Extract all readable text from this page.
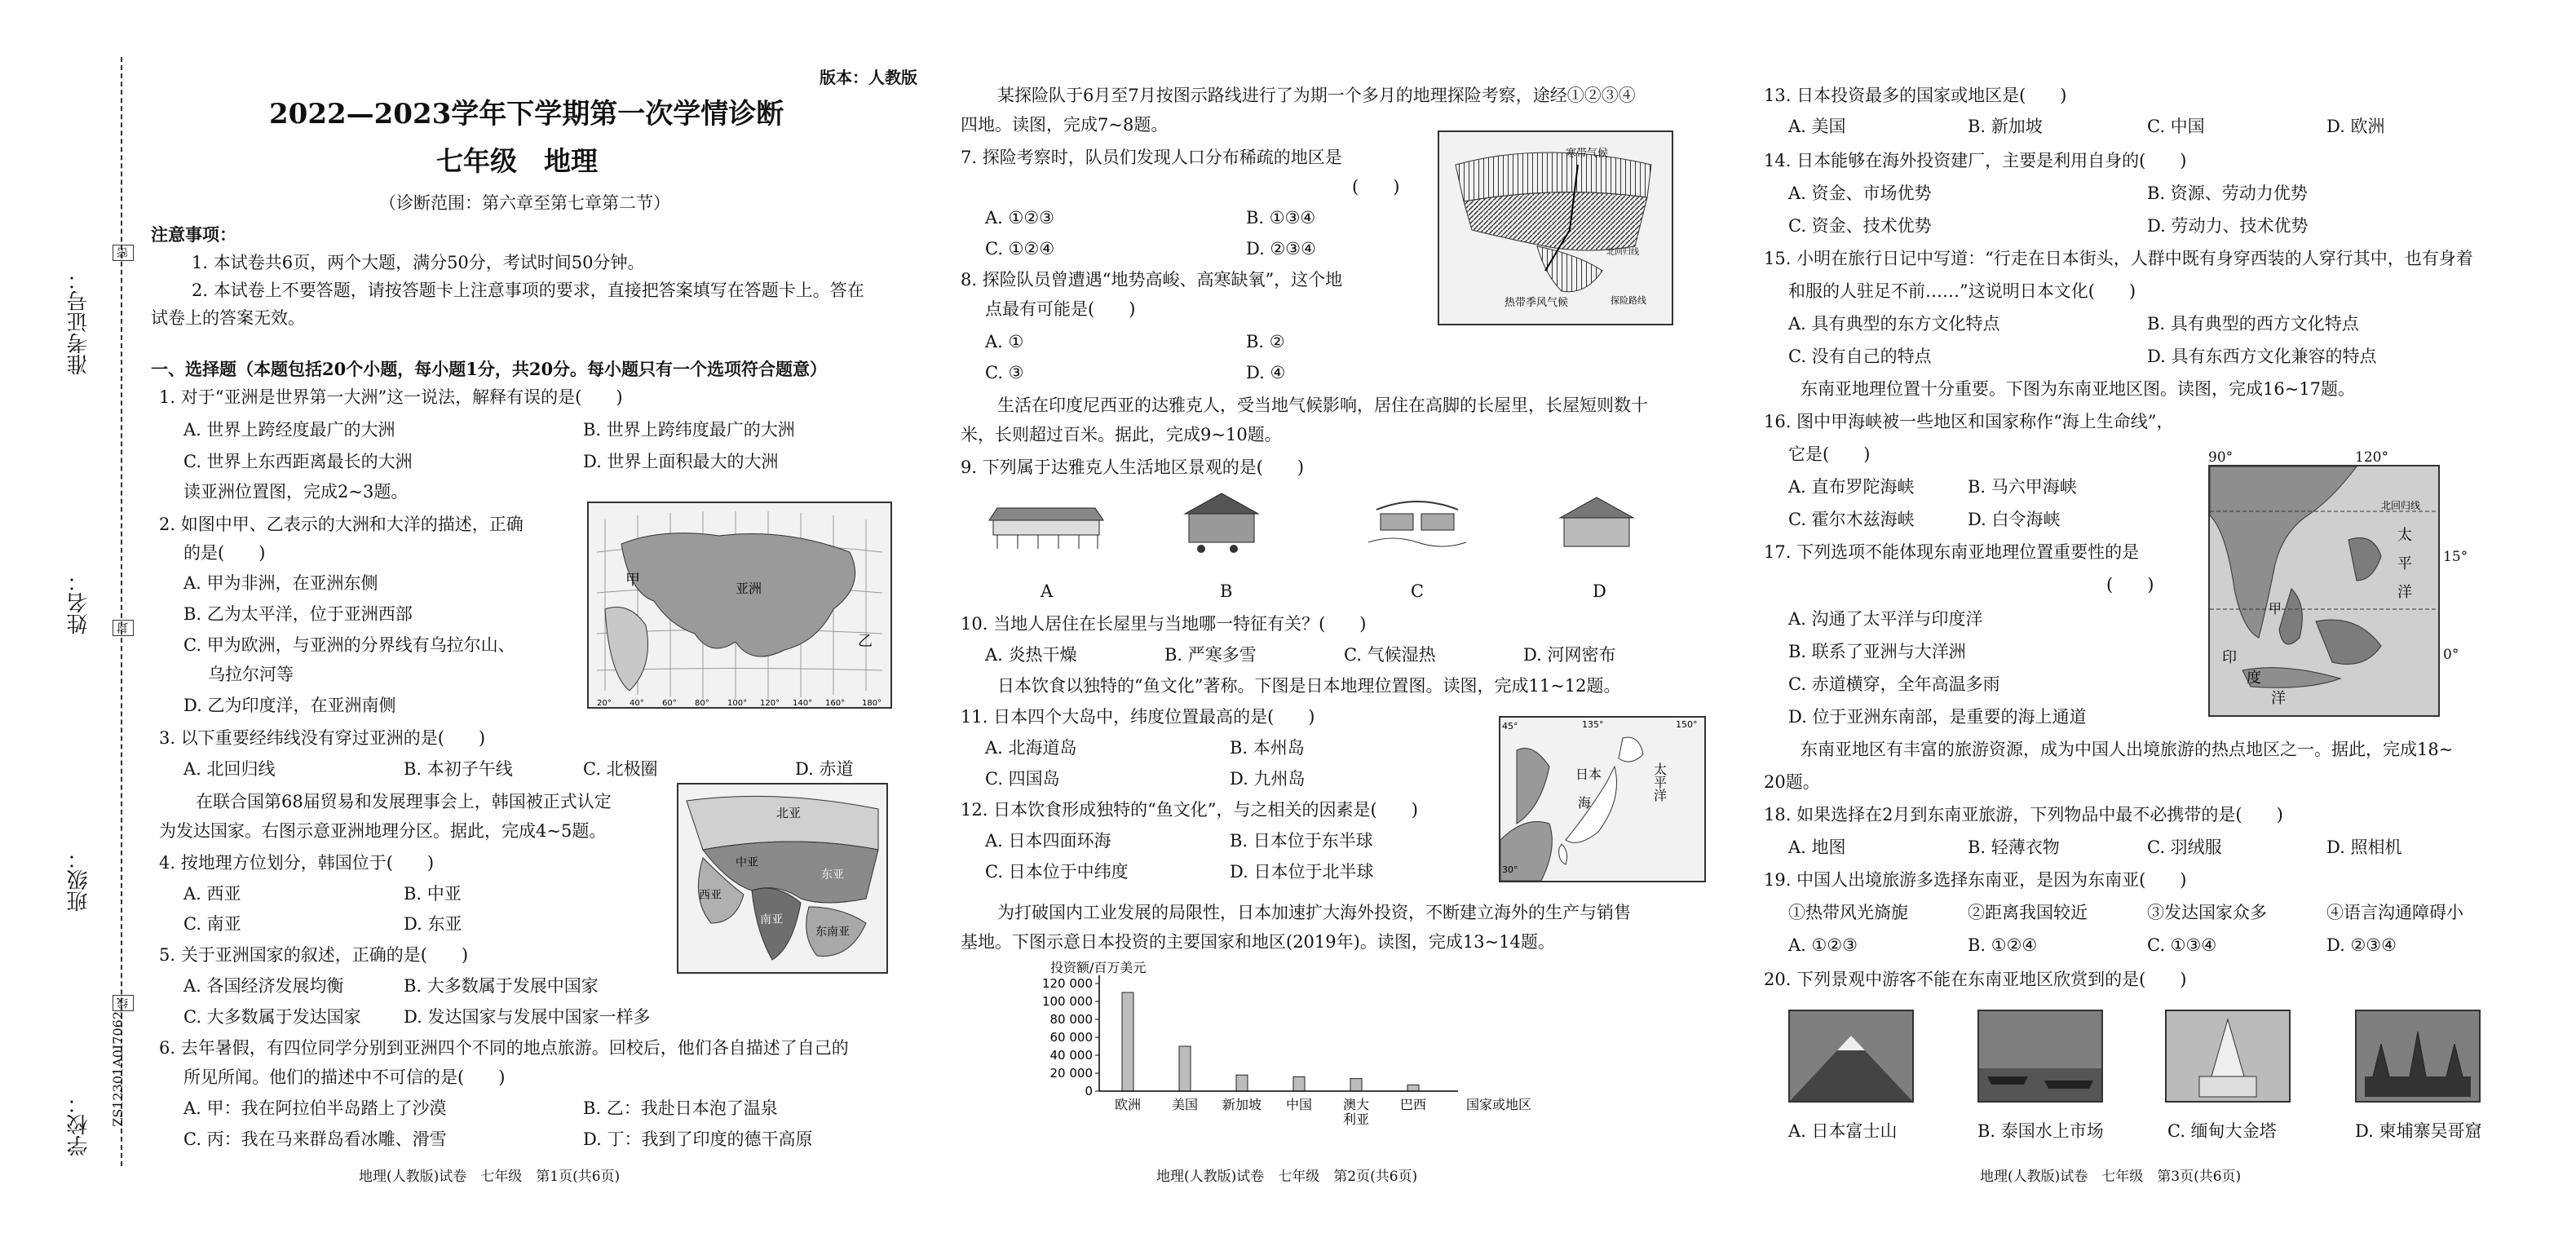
准考证号：
姓名：
班级：
学校： ZS12301A0I7062
密
封
线
版本：人教版
2022—2023学年下学期第一次学情诊断
七年级　地理
（诊断范围：第六章至第七章第二节）
注意事项：
1. 本试卷共6页，两个大题，满分50分，考试时间50分钟。
2. 本试卷上不要答题，请按答题卡上注意事项的要求，直接把答案填写在答题卡上。答在
试卷上的答案无效。
一、选择题（本题包括20个小题，每小题1分，共20分。每小题只有一个选项符合题意）
1. 对于“亚洲是世界第一大洲”这一说法，解释有误的是(　　)
A. 世界上跨经度最广的大洲	B. 世界上跨纬度最广的大洲
C. 世界上东西距离最长的大洲	D. 世界上面积最大的大洲
读亚洲位置图，完成2~3题。
2. 如图中甲、乙表示的大洲和大洋的描述，正确
的是(　　)
A. 甲为非洲，在亚洲东侧
B. 乙为太平洋，位于亚洲西部
C. 甲为欧洲，与亚洲的分界线有乌拉尔山、
乌拉尔河等
D. 乙为印度洋，在亚洲南侧
甲
乙
亚洲
20° 40° 60° 80° 100° 120° 140° 160° 180°
3. 以下重要经纬线没有穿过亚洲的是(　　)
A. 北回归线	B. 本初子午线	C. 北极圈	D. 赤道
在联合国第68届贸易和发展理事会上，韩国被正式认定
为发达国家。右图示意亚洲地理分区。据此，完成4~5题。
4. 按地理方位划分，韩国位于(　　)
A. 西亚	B. 中亚
C. 南亚	D. 东亚
北亚
中亚
西亚
南亚
东亚
东南亚
5. 关于亚洲国家的叙述，正确的是(　　)
A. 各国经济发展均衡	B. 大多数属于发展中国家
C. 大多数属于发达国家 D. 发达国家与发展中国家一样多
6. 去年暑假，有四位同学分别到亚洲四个不同的地点旅游。回校后，他们各自描述了自己的
所见所闻。他们的描述中不可信的是(　　)
A. 甲：我在阿拉伯半岛踏上了沙漠	B. 乙：我赴日本泡了温泉
C. 丙：我在马来群岛看冰雕、滑雪	D. 丁：我到了印度的德干高原
地理(人教版)试卷　七年级　第1页(共6页)
某探险队于6月至7月按图示路线进行了为期一个多月的地理探险考察，途经①②③④
四地。读图，完成7~8题。
7. 探险考察时，队员们发现人口分布稀疏的地区是
(　　)
A. ①②③	B. ①③④
C. ①②④	D. ②③④
8. 探险队员曾遭遇“地势高峻、高寒缺氧”，这个地
点最有可能是(　　)
A. ①	B. ②
C. ③	D. ④
寒带气候
热带季风气候	探险路线
北回归线
生活在印度尼西亚的达雅克人，受当地气候影响，居住在高脚的长屋里，长屋短则数十
米，长则超过百米。据此，完成9~10题。
9. 下列属于达雅克人生活地区景观的是(　　)
A	B	C	D
10. 当地人居住在长屋里与当地哪一特征有关？(　　)
A. 炎热干燥	B. 严寒多雪	C. 气候湿热	D. 河网密布
日本饮食以独特的“鱼文化”著称。下图是日本地理位置图。读图，完成11~12题。
11. 日本四个大岛中，纬度位置最高的是(　　)
A. 北海道岛	B. 本州岛
C. 四国岛	D. 九州岛
12. 日本饮食形成独特的“鱼文化”，与之相关的因素是(　　)
A. 日本四面环海	B. 日本位于东半球
C. 日本位于中纬度	D. 日本位于北半球
日本
海
太平洋
135°	150°
45°
30°
为打破国内工业发展的局限性，日本加速扩大海外投资，不断建立海外的生产与销售
基地。下图示意日本投资的主要国家和地区(2019年)。读图，完成13~14题。
0
20 000
40 000
60 000
80 000
100 000
120 000
欧洲 美国 新加坡 中国 澳大
利亚
巴西
投资额/百万美元
国家或地区
地理(人教版)试卷　七年级　第2页(共6页)
13. 日本投资最多的国家或地区是(　　)
A. 美国	B. 新加坡	C. 中国	D. 欧洲
14. 日本能够在海外投资建厂，主要是利用自身的(　　)
A. 资金、市场优势	B. 资源、劳动力优势
C. 资金、技术优势	D. 劳动力、技术优势
15. 小明在旅行日记中写道：“行走在日本街头，人群中既有身穿西装的人穿行其中，也有身着
和服的人驻足不前……”这说明日本文化(　　)
A. 具有典型的东方文化特点	B. 具有典型的西方文化特点
C. 没有自己的特点	D. 具有东西方文化兼容的特点
东南亚地理位置十分重要。下图为东南亚地区图。读图，完成16~17题。
16. 图中甲海峡被一些地区和国家称作“海上生命线”，
它是(　　)
A. 直布罗陀海峡	B. 马六甲海峡
C. 霍尔木兹海峡	D. 白令海峡
北回归线
太
平
洋
印
度
洋
甲
90°	120°
15°
0°
17. 下列选项不能体现东南亚地理位置重要性的是
(　　)
A. 沟通了太平洋与印度洋
B. 联系了亚洲与大洋洲
C. 赤道横穿，全年高温多雨
D. 位于亚洲东南部，是重要的海上通道
东南亚地区有丰富的旅游资源，成为中国人出境旅游的热点地区之一。据此，完成18~
20题。
18. 如果选择在2月到东南亚旅游，下列物品中最不必携带的是(　　)
A. 地图	B. 轻薄衣物	C. 羽绒服	D. 照相机
19. 中国人出境旅游多选择东南亚，是因为东南亚(　　)
①热带风光旖旎	②距离我国较近	③发达国家众多	④语言沟通障碍小
A. ①②③	B. ①②④	C. ①③④	D. ②③④
20. 下列景观中游客不能在东南亚地区欣赏到的是(　　)
A. 日本富士山	B. 泰国水上市场	C. 缅甸大金塔	D. 柬埔寨吴哥窟
地理(人教版)试卷　七年级　第3页(共6页)
